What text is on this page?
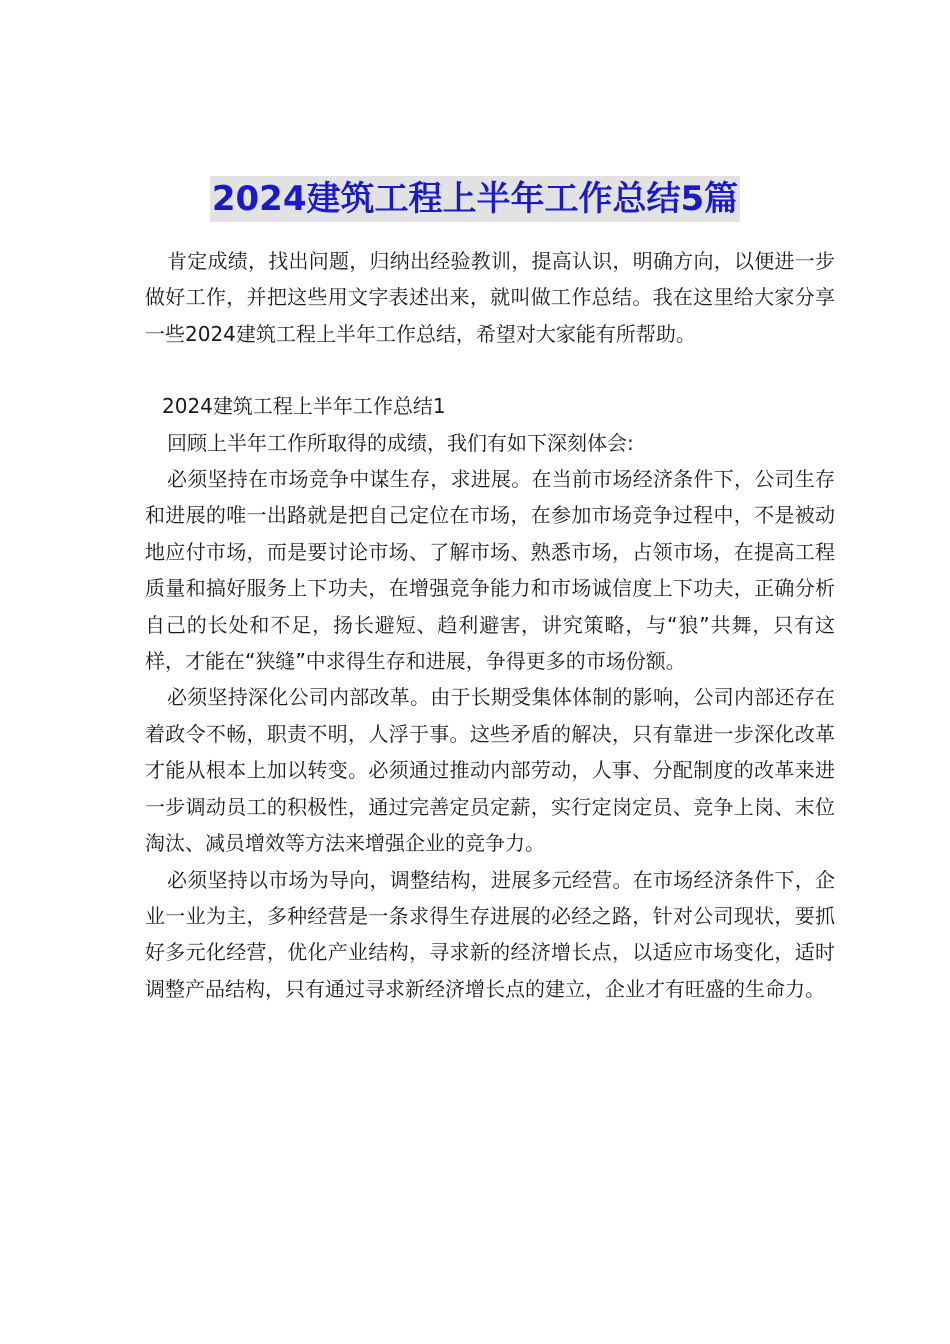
2024建筑工程上半年工作总结5篇

肯定成绩，找出问题，归纳出经验教训，提高认识，明确方向，以便进一步做好工作，并把这些用文字表述出来，就叫做工作总结。我在这里给大家分享一些2024建筑工程上半年工作总结，希望对大家能有所帮助。

2024建筑工程上半年工作总结1

回顾上半年工作所取得的成绩，我们有如下深刻体会:

必须坚持在市场竞争中谋生存，求进展。在当前市场经济条件下，公司生存和进展的唯一出路就是把自己定位在市场，在参加市场竞争过程中，不是被动地应付市场，而是要讨论市场、了解市场、熟悉市场，占领市场，在提高工程质量和搞好服务上下功夫，在增强竞争能力和市场诚信度上下功夫，正确分析自己的长处和不足，扬长避短、趋利避害，讲究策略，与“狼”共舞，只有这样，才能在“狭缝”中求得生存和进展，争得更多的市场份额。

必须坚持深化公司内部改革。由于长期受集体体制的影响，公司内部还存在着政令不畅，职责不明，人浮于事。这些矛盾的解决，只有靠进一步深化改革才能从根本上加以转变。必须通过推动内部劳动，人事、分配制度的改革来进一步调动员工的积极性，通过完善定员定薪，实行定岗定员、竞争上岗、末位淘汰、减员增效等方法来增强企业的竞争力。

必须坚持以市场为导向，调整结构，进展多元经营。在市场经济条件下，企业一业为主，多种经营是一条求得生存进展的必经之路，针对公司现状，要抓好多元化经营，优化产业结构，寻求新的经济增长点，以适应市场变化，适时调整产品结构，只有通过寻求新经济增长点的建立，企业才有旺盛的生命力。
